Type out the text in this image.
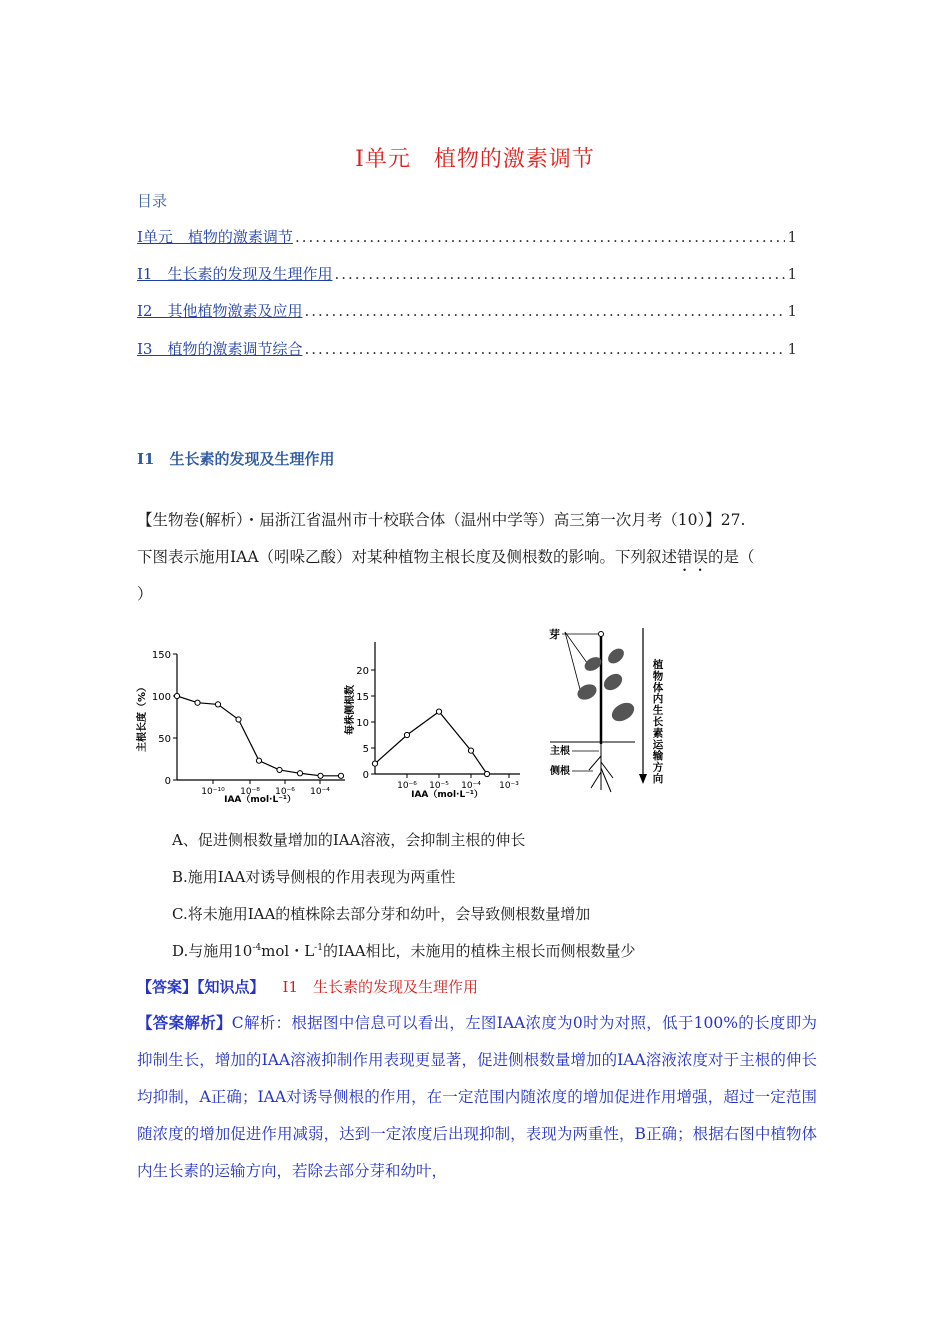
I单元　植物的激素调节
目录
I单元　植物的激素调节 .....	1
I1　生长素的发现及生理作用 .....	1
I2　其他植物激素及应用 .....	1
I3　植物的激素调节综合 .....	1
I1　生长素的发现及生理作用
【生物卷(解析）・届浙江省温州市十校联合体（温州中学等）高三第一次月考（10）】27.
下图表示施用IAA（吲哚乙酸）对某种植物主根长度及侧根数的影响。下列叙述错误的是（
）
0
50
100
150
10⁻¹⁰ 10⁻⁸ 10⁻⁶ 10⁻⁴
主根长度（%）
IAA（mol·L⁻¹）
0
5
10
15
20
10⁻⁶ 10⁻⁵ 10⁻⁴ 10⁻³
每株侧根数
IAA（mol·L⁻¹）
芽
主根
侧根
植物体内生长素运输方向
A、促进侧根数量增加的IAA溶液，会抑制主根的伸长
B.施用IAA对诱导侧根的作用表现为两重性
C.将未施用IAA的植株除去部分芽和幼叶，会导致侧根数量增加
D.与施用$10^{-4}mol$・$L^{-1}$的IAA相比，未施用的植株主根长而侧根数量少
【答案】【知识点】 I1　生长素的发现及生理作用
【答案解析】C解析：根据图中信息可以看出，左图IAA浓度为0时为对照，低于100%的长度即为抑制生长，增加的IAA溶液抑制作用表现更显著，促进侧根数量增加的IAA溶液浓度对于主根的伸长均抑制，A正确；IAA对诱导侧根的作用，在一定范围内随浓度的增加促进作用增强，超过一定范围随浓度的增加促进作用减弱，达到一定浓度后出现抑制，表现为两重性，B正确；根据右图中植物体内生长素的运输方向，若除去部分芽和幼叶，
